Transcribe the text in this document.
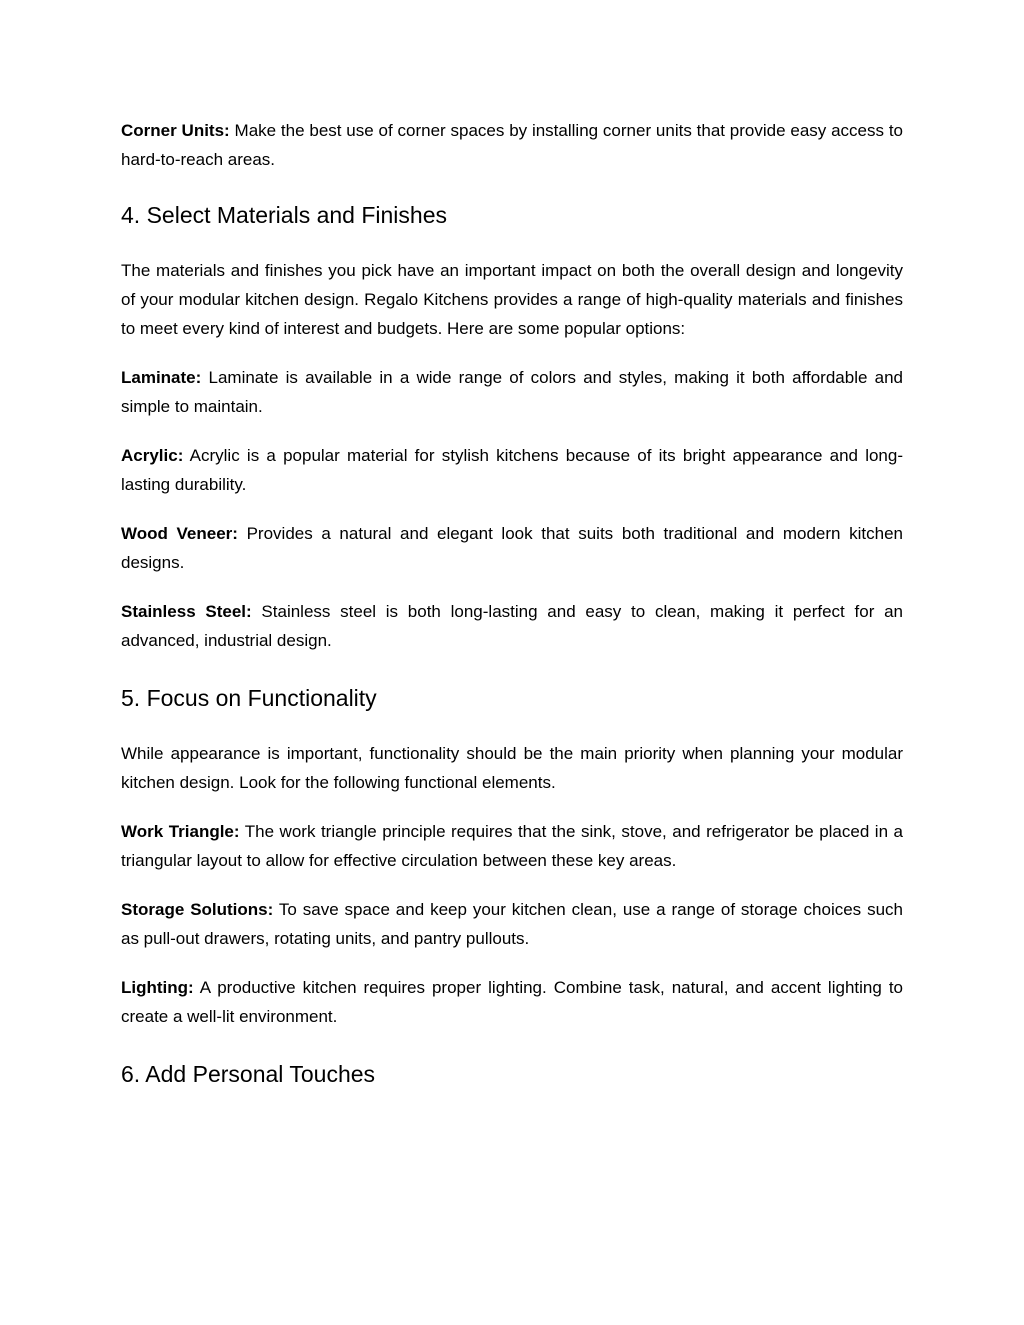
Corner Units: Make the best use of corner spaces by installing corner units that provide easy access to hard-to-reach areas.

4. Select Materials and Finishes

The materials and finishes you pick have an important impact on both the overall design and longevity of your modular kitchen design. Regalo Kitchens provides a range of high-quality materials and finishes to meet every kind of interest and budgets. Here are some popular options:

Laminate: Laminate is available in a wide range of colors and styles, making it both affordable and simple to maintain.

Acrylic: Acrylic is a popular material for stylish kitchens because of its bright appearance and long-lasting durability.

Wood Veneer: Provides a natural and elegant look that suits both traditional and modern kitchen designs.

Stainless Steel: Stainless steel is both long-lasting and easy to clean, making it perfect for an advanced, industrial design.

5. Focus on Functionality

While appearance is important, functionality should be the main priority when planning your modular kitchen design. Look for the following functional elements.

Work Triangle: The work triangle principle requires that the sink, stove, and refrigerator be placed in a triangular layout to allow for effective circulation between these key areas.

Storage Solutions: To save space and keep your kitchen clean, use a range of storage choices such as pull-out drawers, rotating units, and pantry pullouts.

Lighting: A productive kitchen requires proper lighting. Combine task, natural, and accent lighting to create a well-lit environment.

6. Add Personal Touches
